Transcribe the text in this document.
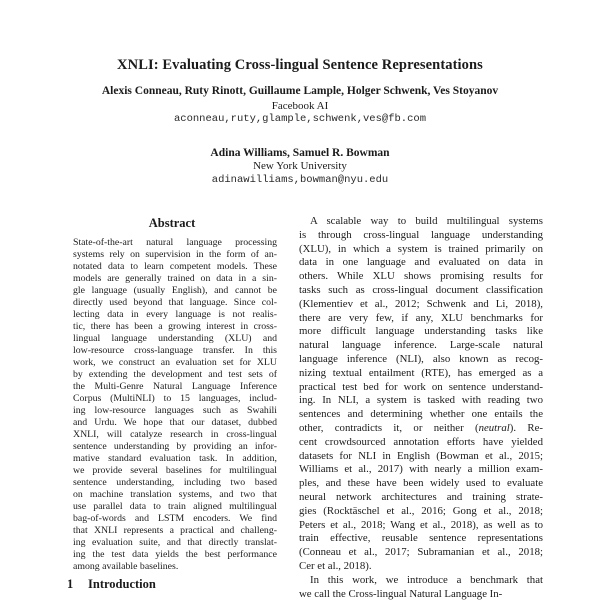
XNLI: Evaluating Cross-lingual Sentence Representations
Alexis Conneau, Ruty Rinott, Guillaume Lample, Holger Schwenk, Ves Stoyanov
Facebook AI
aconneau,ruty,glample,schwenk,ves@fb.com
Adina Williams, Samuel R. Bowman
New York University
adinawilliams,bowman@nyu.edu
Abstract
State-of-the-art natural language processing
systems rely on supervision in the form of an-
notated data to learn competent models. These
models are generally trained on data in a sin-
gle language (usually English), and cannot be
directly used beyond that language. Since col-
lecting data in every language is not realis-
tic, there has been a growing interest in cross-
lingual language understanding (XLU) and
low-resource cross-language transfer. In this
work, we construct an evaluation set for XLU
by extending the development and test sets of
the Multi-Genre Natural Language Inference
Corpus (MultiNLI) to 15 languages, includ-
ing low-resource languages such as Swahili
and Urdu. We hope that our dataset, dubbed
XNLI, will catalyze research in cross-lingual
sentence understanding by providing an infor-
mative standard evaluation task. In addition,
we provide several baselines for multilingual
sentence understanding, including two based
on machine translation systems, and two that
use parallel data to train aligned multilingual
bag-of-words and LSTM encoders. We find
that XNLI represents a practical and challeng-
ing evaluation suite, and that directly translat-
ing the test data yields the best performance
among available baselines.
1 Introduction
A scalable way to build multilingual systems
is through cross-lingual language understanding
(XLU), in which a system is trained primarily on
data in one language and evaluated on data in
others. While XLU shows promising results for
tasks such as cross-lingual document classification
(Klementiev et al., 2012; Schwenk and Li, 2018),
there are very few, if any, XLU benchmarks for
more difficult language understanding tasks like
natural language inference. Large-scale natural
language inference (NLI), also known as recog-
nizing textual entailment (RTE), has emerged as a
practical test bed for work on sentence understand-
ing. In NLI, a system is tasked with reading two
sentences and determining whether one entails the
other, contradicts it, or neither (neutral). Re-
cent crowdsourced annotation efforts have yielded
datasets for NLI in English (Bowman et al., 2015;
Williams et al., 2017) with nearly a million exam-
ples, and these have been widely used to evaluate
neural network architectures and training strate-
gies (Rocktäschel et al., 2016; Gong et al., 2018;
Peters et al., 2018; Wang et al., 2018), as well as to
train effective, reusable sentence representations
(Conneau et al., 2017; Subramanian et al., 2018;
Cer et al., 2018).
In this work, we introduce a benchmark that
we call the Cross-lingual Natural Language In-
